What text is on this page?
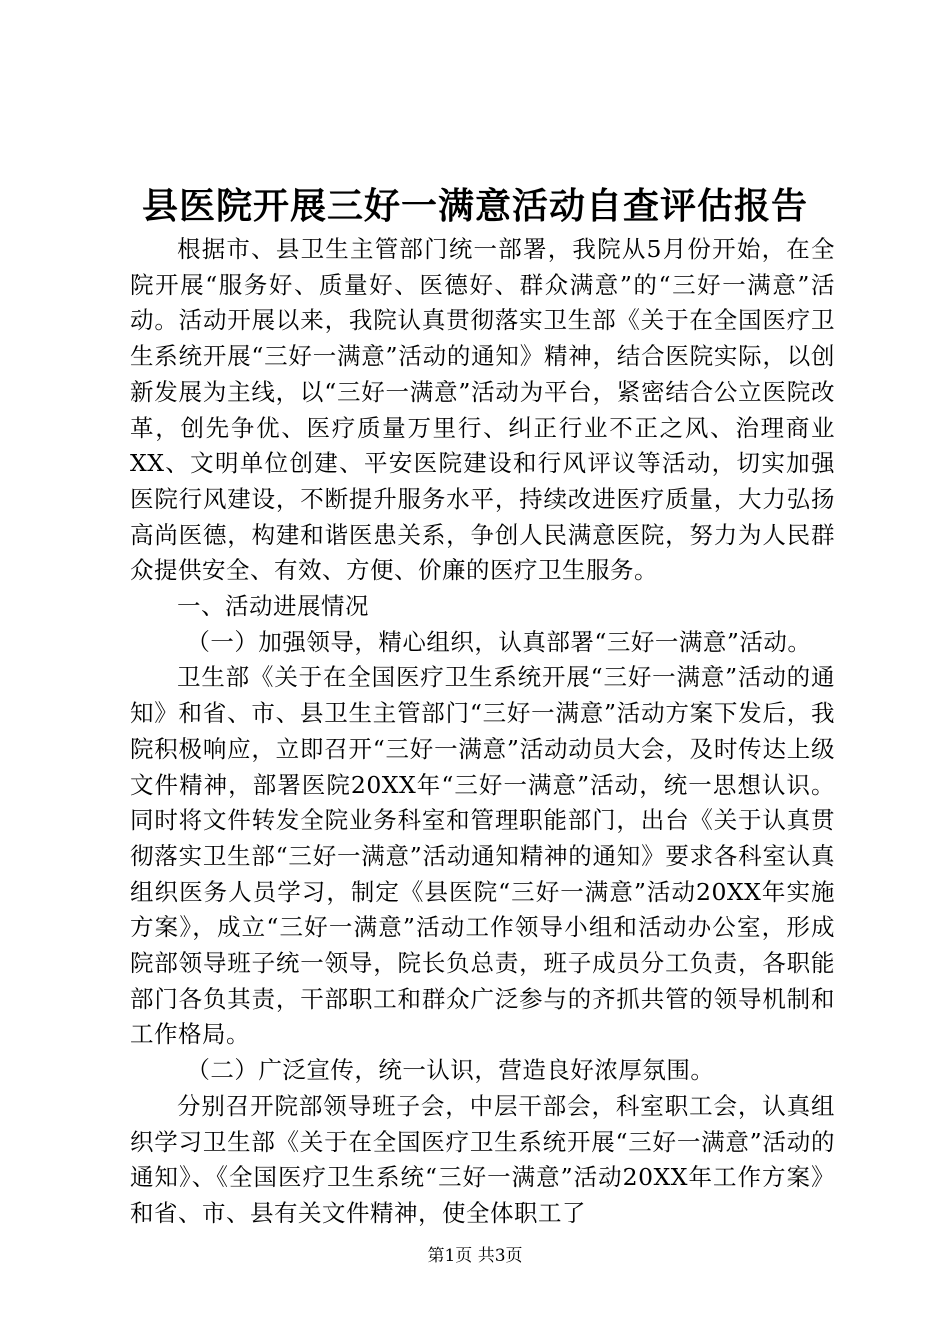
县医院开展三好一满意活动自查评估报告

根据市、县卫生主管部门统一部署，我院从5月份开始，在全院开展“服务好、质量好、医德好、群众满意”的“三好一满意”活动。活动开展以来，我院认真贯彻落实卫生部《关于在全国医疗卫生系统开展“三好一满意”活动的通知》精神，结合医院实际，以创新发展为主线，以“三好一满意”活动为平台，紧密结合公立医院改革，创先争优、医疗质量万里行、纠正行业不正之风、治理商业XX、文明单位创建、平安医院建设和行风评议等活动，切实加强医院行风建设，不断提升服务水平，持续改进医疗质量，大力弘扬高尚医德，构建和谐医患关系，争创人民满意医院，努力为人民群众提供安全、有效、方便、价廉的医疗卫生服务。

一、活动进展情况

（一）加强领导，精心组织，认真部署“三好一满意”活动。

卫生部《关于在全国医疗卫生系统开展“三好一满意”活动的通知》和省、市、县卫生主管部门“三好一满意”活动方案下发后，我院积极响应，立即召开“三好一满意”活动动员大会，及时传达上级文件精神，部署医院20XX年“三好一满意”活动，统一思想认识。同时将文件转发全院业务科室和管理职能部门，出台《关于认真贯彻落实卫生部“三好一满意”活动通知精神的通知》要求各科室认真组织医务人员学习，制定《县医院“三好一满意”活动20XX年实施方案》，成立“三好一满意”活动工作领导小组和活动办公室，形成院部领导班子统一领导，院长负总责，班子成员分工负责，各职能部门各负其责，干部职工和群众广泛参与的齐抓共管的领导机制和工作格局。

（二）广泛宣传，统一认识，营造良好浓厚氛围。

分别召开院部领导班子会，中层干部会，科室职工会，认真组织学习卫生部《关于在全国医疗卫生系统开展“三好一满意”活动的通知》、《全国医疗卫生系统“三好一满意”活动20XX年工作方案》和省、市、县有关文件精神，使全体职工了

第1页 共3页
